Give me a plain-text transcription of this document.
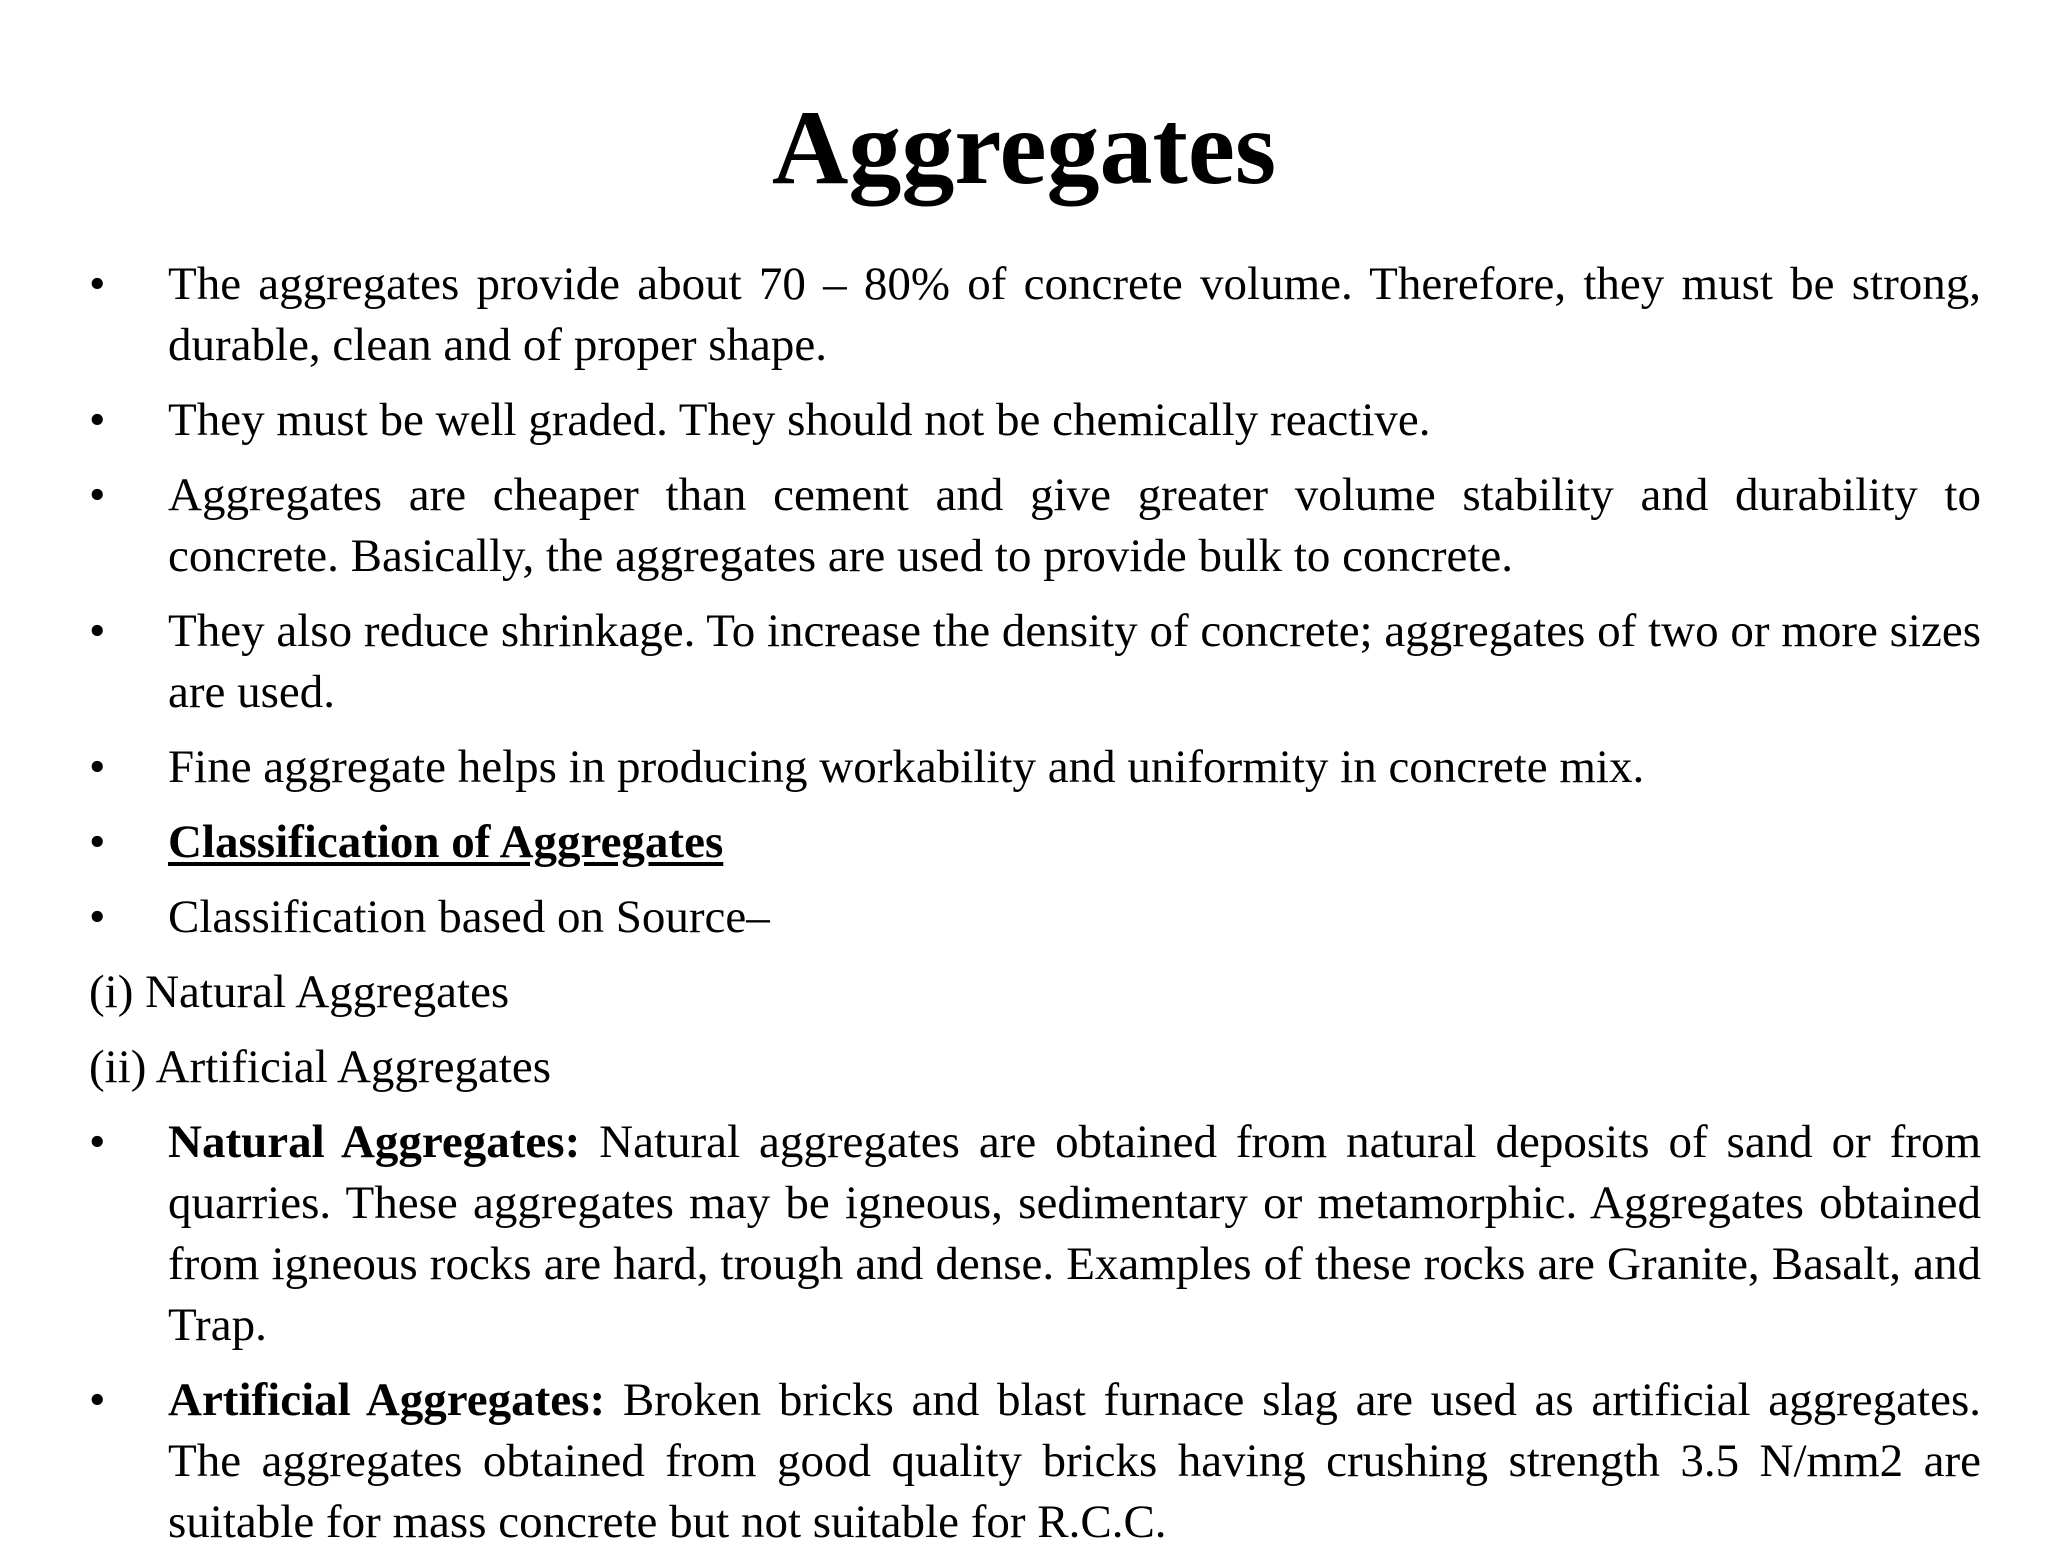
Aggregates
• The aggregates provide about 70 – 80% of concrete volume. Therefore, they must be strong, durable, clean and of proper shape.
• They must be well graded. They should not be chemically reactive.
• Aggregates are cheaper than cement and give greater volume stability and durability to concrete. Basically, the aggregates are used to provide bulk to concrete.
• They also reduce shrinkage. To increase the density of concrete; aggregates of two or more sizes are used.
• Fine aggregate helps in producing workability and uniformity in concrete mix.
• Classification of Aggregates
• Classification based on Source–
(i) Natural Aggregates
(ii) Artificial Aggregates
• Natural Aggregates: Natural aggregates are obtained from natural deposits of sand or from quarries. These aggregates may be igneous, sedimentary or metamorphic. Aggregates obtained from igneous rocks are hard, trough and dense. Examples of these rocks are Granite, Basalt, and Trap.
• Artificial Aggregates: Broken bricks and blast furnace slag are used as artificial aggregates. The aggregates obtained from good quality bricks having crushing strength 3.5 N/mm2 are suitable for mass concrete but not suitable for R.C.C.
